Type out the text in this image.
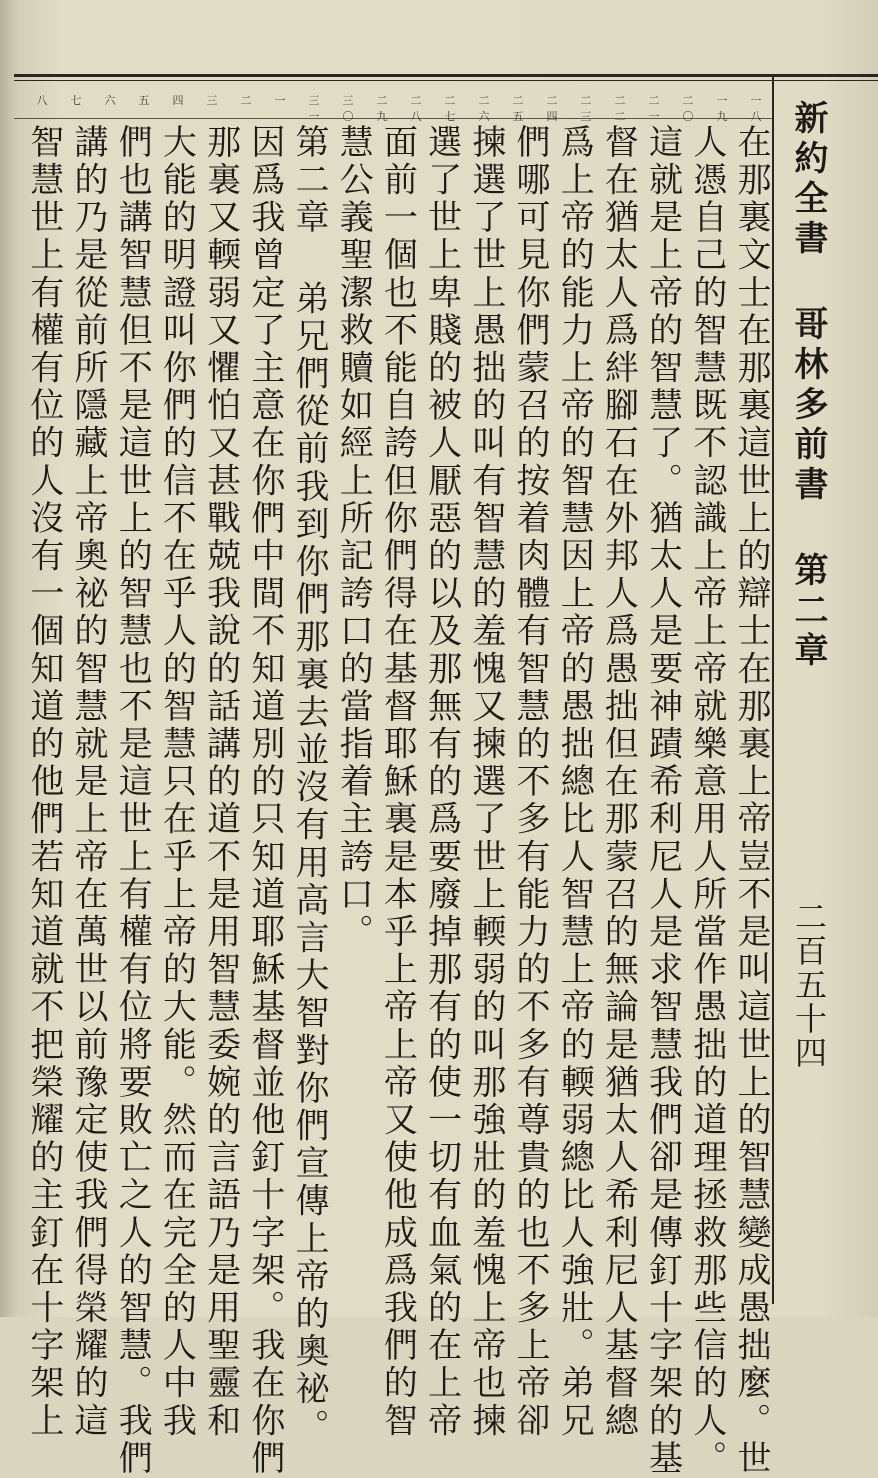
新約全書 哥林多前書 第二章
二百五十四
一八
一九
二〇
二一
二二
二三
二四
二五
二六
二七
二八
二九
三〇
三一
一
二
三
四
五
六
七
八
在那裏文士在那裏這世上的辯士在那裏上帝豈不是叫這世上的智慧變成愚拙麼。世
人憑自己的智慧既不認識上帝上帝就樂意用人所當作愚拙的道理拯救那些信的人。
這就是上帝的智慧了。猶太人是要神蹟希利尼人是求智慧我們卻是傳釘十字架的基
督在猶太人爲絆腳石在外邦人爲愚拙但在那蒙召的無論是猶太人希利尼人基督總
爲上帝的能力上帝的智慧因上帝的愚拙總比人智慧上帝的輭弱總比人強壯。弟兄
們哪可見你們蒙召的按着肉體有智慧的不多有能力的不多有尊貴的也不多上帝卻
揀選了世上愚拙的叫有智慧的羞愧又揀選了世上輭弱的叫那強壯的羞愧上帝也揀
選了世上卑賤的被人厭惡的以及那無有的爲要廢掉那有的使一切有血氣的在上帝
面前一個也不能自誇但你們得在基督耶穌裏是本乎上帝上帝又使他成爲我們的智
慧公義聖潔救贖如經上所記誇口的當指着主誇口。
第二章 弟兄們從前我到你們那裏去並沒有用高言大智對你們宣傳上帝的奧祕。
因爲我曾定了主意在你們中間不知道別的只知道耶穌基督並他釘十字架。我在你們
那裏又輭弱又懼怕又甚戰兢我說的話講的道不是用智慧委婉的言語乃是用聖靈和
大能的明證叫你們的信不在乎人的智慧只在乎上帝的大能。然而在完全的人中我
們也講智慧但不是這世上的智慧也不是這世上有權有位將要敗亡之人的智慧。我們
講的乃是從前所隱藏上帝奧祕的智慧就是上帝在萬世以前豫定使我們得榮耀的這
智慧世上有權有位的人沒有一個知道的他們若知道就不把榮耀的主釘在十字架上
